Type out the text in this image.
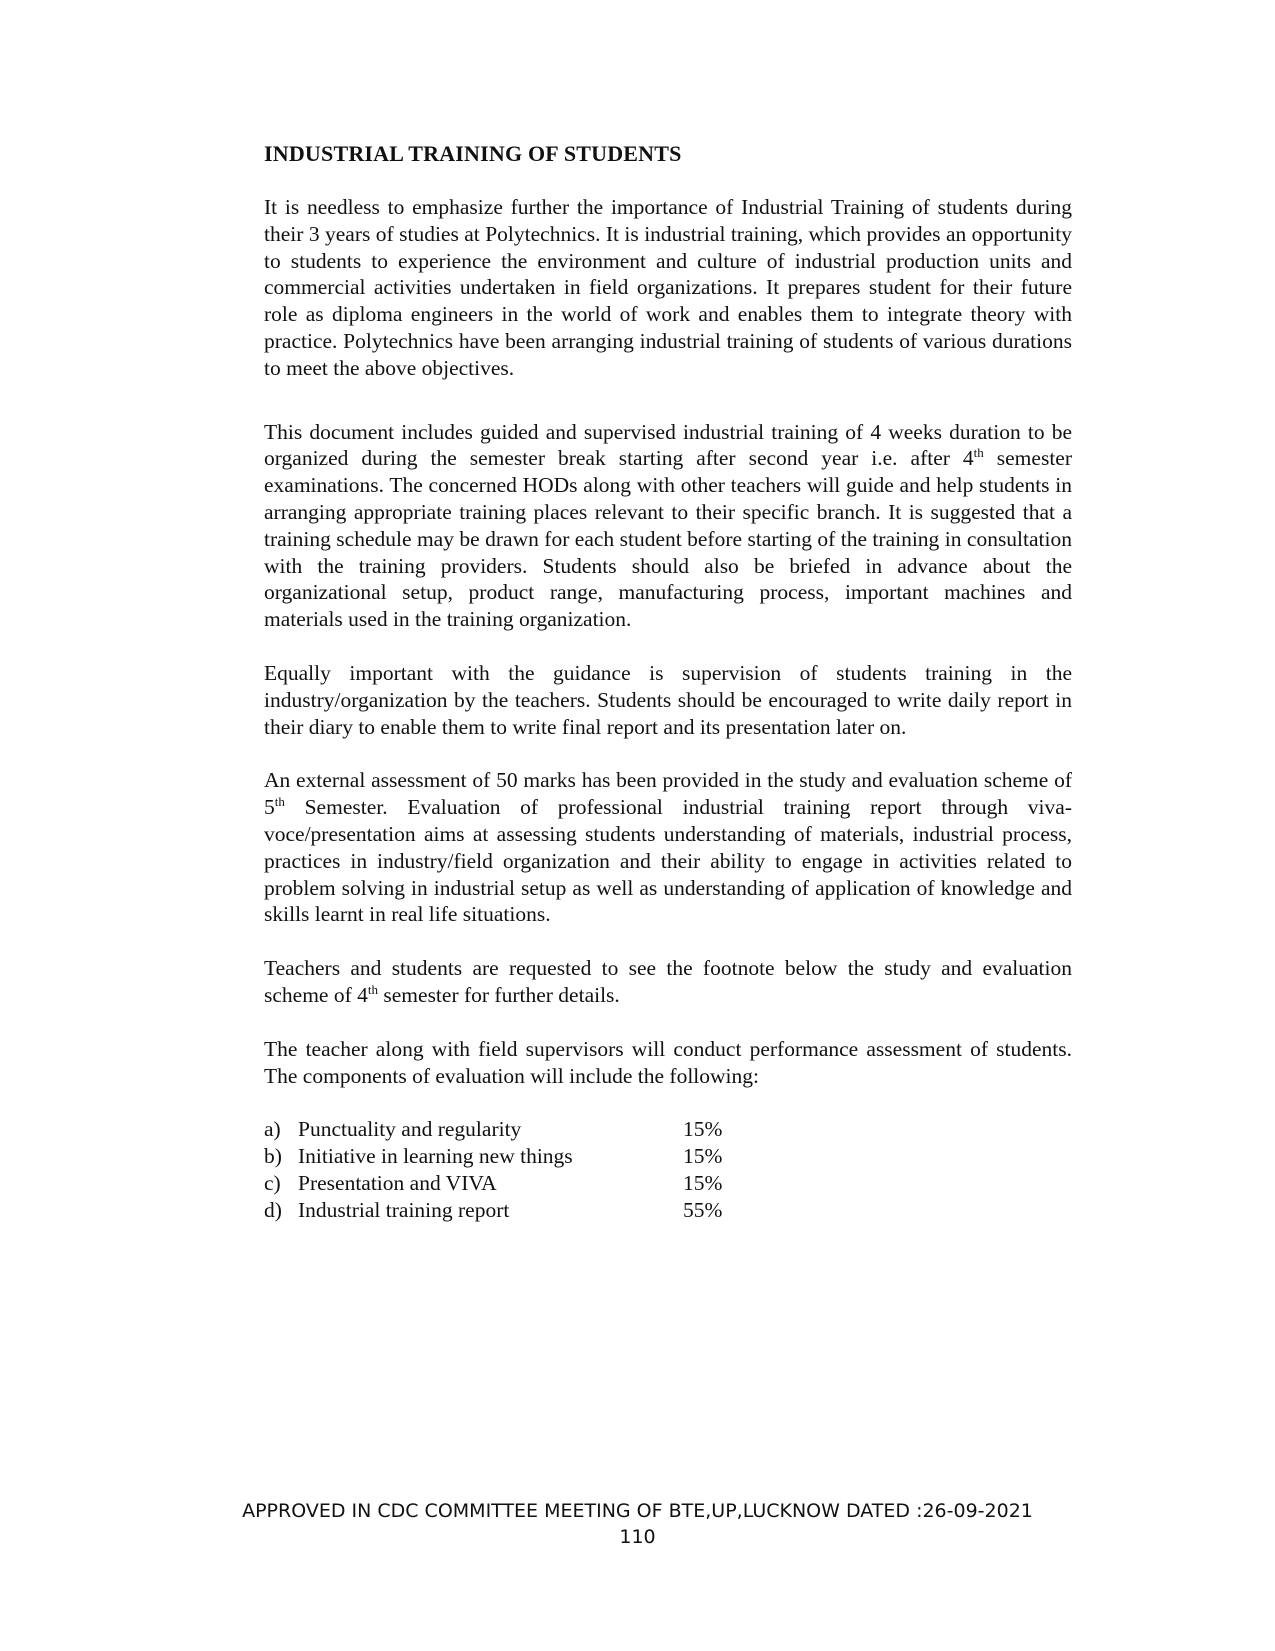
INDUSTRIAL TRAINING OF STUDENTS

It is needless to emphasize further the importance of Industrial Training of students during their 3 years of studies at Polytechnics. It is industrial training, which provides an opportunity to students to experience the environment and culture of industrial production units and commercial activities undertaken in field organizations. It prepares student for their future role as diploma engineers in the world of work and enables them to integrate theory with practice. Polytechnics have been arranging industrial training of students of various durations to meet the above objectives.

This document includes guided and supervised industrial training of 4 weeks duration to be organized during the semester break starting after second year i.e. after 4th semester examinations. The concerned HODs along with other teachers will guide and help students in arranging appropriate training places relevant to their specific branch. It is suggested that a training schedule may be drawn for each student before starting of the training in consultation with the training providers. Students should also be briefed in advance about the organizational setup, product range, manufacturing process, important machines and materials used in the training organization.

Equally important with the guidance is supervision of students training in the industry/organization by the teachers. Students should be encouraged to write daily report in their diary to enable them to write final report and its presentation later on.

An external assessment of 50 marks has been provided in the study and evaluation scheme of 5th Semester. Evaluation of professional industrial training report through viva-voce/presentation aims at assessing students understanding of materials, industrial process, practices in industry/field organization and their ability to engage in activities related to problem solving in industrial setup as well as understanding of application of knowledge and skills learnt in real life situations.

Teachers and students are requested to see the footnote below the study and evaluation scheme of 4th semester for further details.

The teacher along with field supervisors will conduct performance assessment of students. The components of evaluation will include the following:

a) Punctuality and regularity	15%
b) Initiative in learning new things	15%
c) Presentation and VIVA	15%
d) Industrial training report	55%
APPROVED IN CDC COMMITTEE MEETING OF BTE,UP,LUCKNOW DATED :26-09-2021
110
